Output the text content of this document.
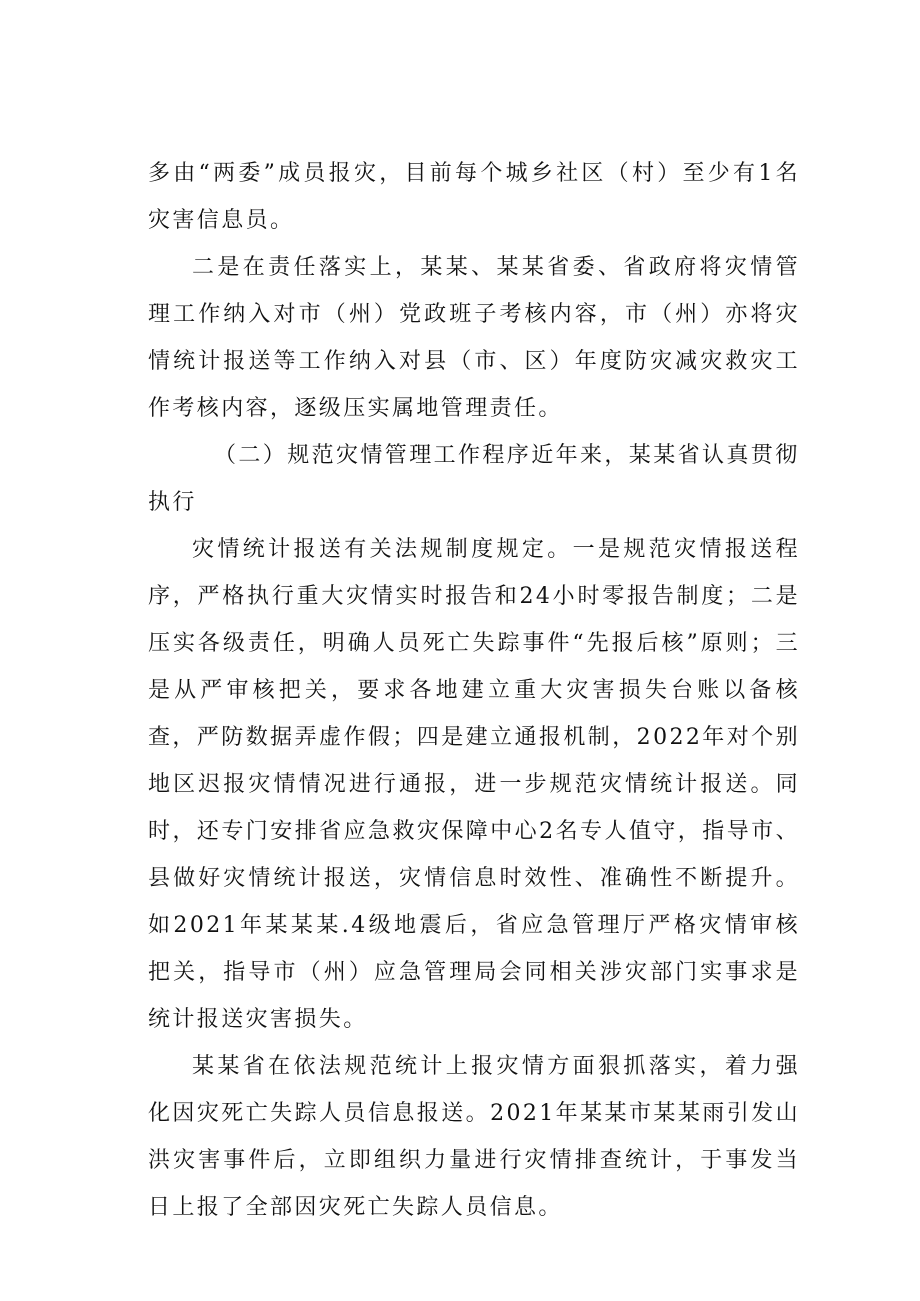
多由“两委”成员报灾，目前每个城乡社区（村）至少有1名灾害信息员。

二是在责任落实上，某某、某某省委、省政府将灾情管理工作纳入对市（州）党政班子考核内容，市（州）亦将灾情统计报送等工作纳入对县（市、区）年度防灾减灾救灾工作考核内容，逐级压实属地管理责任。

（二）规范灾情管理工作程序近年来，某某省认真贯彻执行

灾情统计报送有关法规制度规定。一是规范灾情报送程序，严格执行重大灾情实时报告和24小时零报告制度；二是压实各级责任，明确人员死亡失踪事件“先报后核”原则；三是从严审核把关，要求各地建立重大灾害损失台账以备核查，严防数据弄虚作假；四是建立通报机制，2022年对个别地区迟报灾情情况进行通报，进一步规范灾情统计报送。同时，还专门安排省应急救灾保障中心2名专人值守，指导市、县做好灾情统计报送，灾情信息时效性、准确性不断提升。如2021年某某某.4级地震后，省应急管理厅严格灾情审核把关，指导市（州）应急管理局会同相关涉灾部门实事求是统计报送灾害损失。

某某省在依法规范统计上报灾情方面狠抓落实，着力强化因灾死亡失踪人员信息报送。2021年某某市某某雨引发山洪灾害事件后，立即组织力量进行灾情排查统计，于事发当日上报了全部因灾死亡失踪人员信息。
